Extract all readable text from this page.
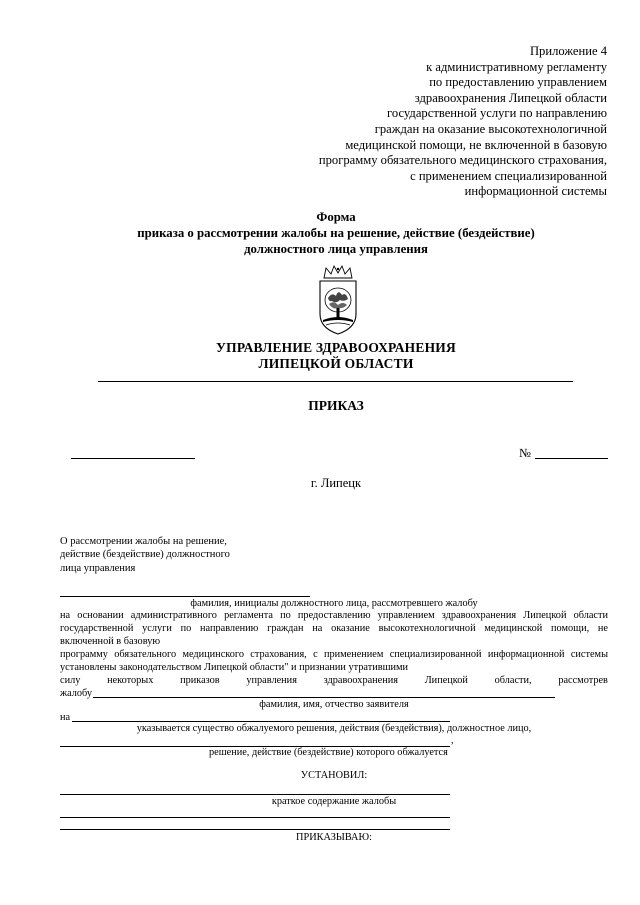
Приложение 4
к административному регламенту
по предоставлению управлением
здравоохранения Липецкой области
государственной услуги по направлению
граждан на оказание высокотехнологичной
медицинской помощи, не включенной в базовую
программу обязательного медицинского страхования,
с применением специализированной
информационной системы
Форма
приказа о рассмотрении жалобы на решение, действие (бездействие)
должностного лица управления
УПРАВЛЕНИЕ ЗДРАВООХРАНЕНИЯ
ЛИПЕЦКОЙ ОБЛАСТИ
ПРИКАЗ
№
г. Липецк
О рассмотрении жалобы на решение,
действие (бездействие) должностного
лица управления
фамилия, инициалы должностного лица, рассмотревшего жалобу
на основании административного регламента по предоставлению управлением здравоохранения Липецкой области
государственной услуги по направлению граждан на оказание высокотехнологичной медицинской помощи, не
включенной в базовую
программу обязательного медицинского страхования, с применением специализированной информационной системы
установлены законодательством Липецкой области" и признании утратившими
силу	некоторых	приказов	управления	здравоохранения	Липецкой	области,	рассмотрев
жалобу
фамилия, имя, отчество заявителя
на
указывается существо обжалуемого решения, действия (бездействия), должностное лицо,
,
решение, действие (бездействие) которого обжалуется
УСТАНОВИЛ:
краткое содержание жалобы
ПРИКАЗЫВАЮ:
